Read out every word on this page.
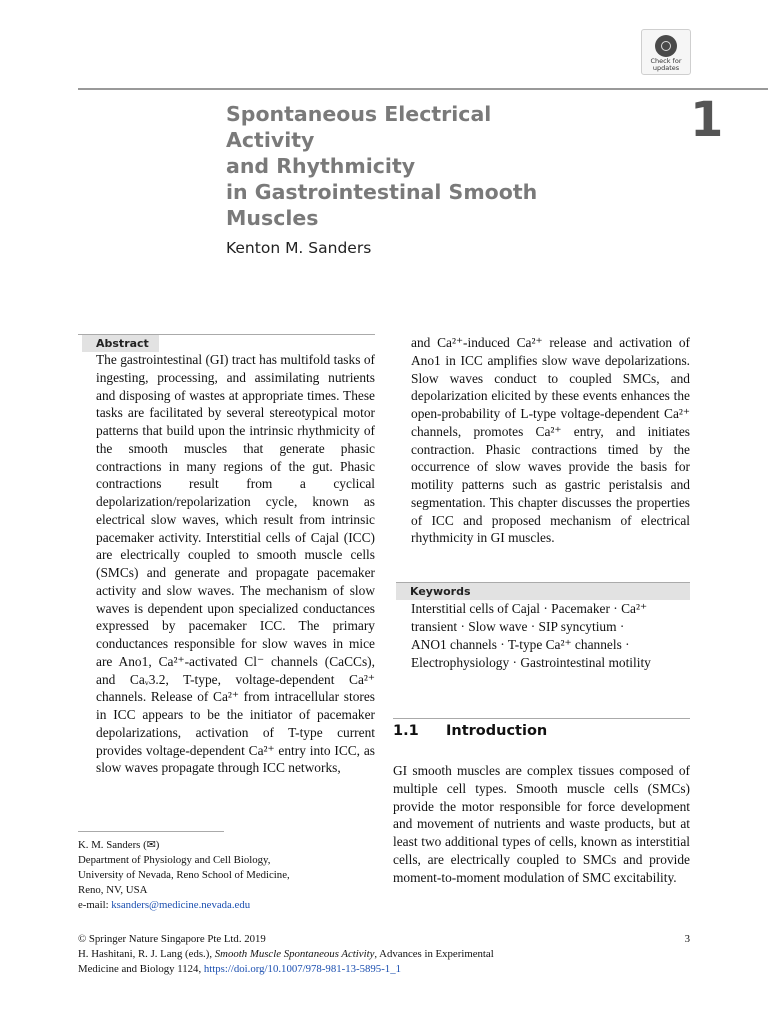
Check for
updates
1
Spontaneous Electrical Activity
and Rhythmicity
in Gastrointestinal Smooth
Muscles
Kenton M. Sanders
Abstract

The gastrointestinal (GI) tract has multifold tasks of ingesting, processing, and assimilating nutrients and disposing of wastes at appropriate times. These tasks are facilitated by several stereotypical motor patterns that build upon the intrinsic rhythmicity of the smooth muscles that generate phasic contractions in many regions of the gut. Phasic contractions result from a cyclical depolarization/repolarization cycle, known as electrical slow waves, which result from intrinsic pacemaker activity. Interstitial cells of Cajal (ICC) are electrically coupled to smooth muscle cells (SMCs) and generate and propagate pacemaker activity and slow waves. The mechanism of slow waves is dependent upon specialized conductances expressed by pacemaker ICC. The primary conductances responsible for slow waves in mice are Ano1, Ca²⁺-activated Cl⁻ channels (CaCCs), and Caᵥ3.2, T-type, voltage-dependent Ca²⁺ channels. Release of Ca²⁺ from intracellular stores in ICC appears to be the initiator of pacemaker depolarizations, activation of T-type current provides voltage-dependent Ca²⁺ entry into ICC, as slow waves propagate through ICC networks,

and Ca²⁺-induced Ca²⁺ release and activation of Ano1 in ICC amplifies slow wave depolarizations. Slow waves conduct to coupled SMCs, and depolarization elicited by these events enhances the open-probability of L-type voltage-dependent Ca²⁺ channels, promotes Ca²⁺ entry, and initiates contraction. Phasic contractions timed by the occurrence of slow waves provide the basis for motility patterns such as gastric peristalsis and segmentation. This chapter discusses the properties of ICC and proposed mechanism of electrical rhythmicity in GI muscles.

Keywords

Interstitial cells of Cajal · Pacemaker · Ca²⁺

transient · Slow wave · SIP syncytium ·

ANO1 channels · T-type Ca²⁺ channels ·

Electrophysiology · Gastrointestinal motility

1.1 Introduction

GI smooth muscles are complex tissues composed of multiple cell types. Smooth muscle cells (SMCs) provide the motor responsible for force development and movement of nutrients and waste products, but at least two additional types of cells, known as interstitial cells, are electrically coupled to SMCs and provide moment-to-moment modulation of SMC excitability.

K. M. Sanders (✉)
Department of Physiology and Cell Biology,
University of Nevada, Reno School of Medicine,
Reno, NV, USA
e-mail: ksanders@medicine.nevada.edu
© Springer Nature Singapore Pte Ltd. 2019	3
H. Hashitani, R. J. Lang (eds.), Smooth Muscle Spontaneous Activity, Advances in Experimental
Medicine and Biology 1124, https://doi.org/10.1007/978-981-13-5895-1_1
